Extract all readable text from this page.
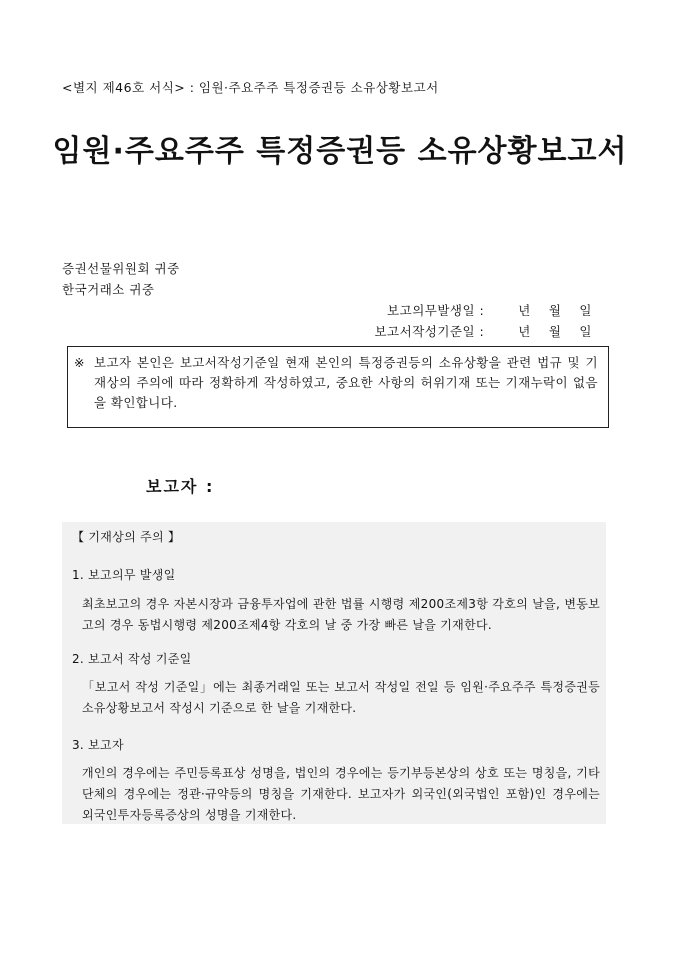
<별지 제46호 서식> : 임원·주요주주 특정증권등 소유상황보고서
임원·주요주주 특정증권등 소유상황보고서
증권선물위원회 귀중
한국거래소 귀중
보고의무발생일 :	년 월 일
보고서작성기준일 :	년 월 일
※ 보고자 본인은 보고서작성기준일 현재 본인의 특정증권등의 소유상황을 관련 법규 및 기재상의 주의에 따라 정확하게 작성하였고, 중요한 사항의 허위기재 또는 기재누락이 없음을 확인합니다.
보고자 :
【 기재상의 주의 】
1. 보고의무 발생일
최초보고의 경우 자본시장과 금융투자업에 관한 법률 시행령 제200조제3항 각호의 날을, 변동보고의 경우 동법시행령 제200조제4항 각호의 날 중 가장 빠른 날을 기재한다.
2. 보고서 작성 기준일
「보고서 작성 기준일」에는 최종거래일 또는 보고서 작성일 전일 등 임원·주요주주 특정증권등 소유상황보고서 작성시 기준으로 한 날을 기재한다.
3. 보고자
개인의 경우에는 주민등록표상 성명을, 법인의 경우에는 등기부등본상의 상호 또는 명칭을, 기타 단체의 경우에는 정관·규약등의 명칭을 기재한다. 보고자가 외국인(외국법인 포함)인 경우에는 외국인투자등록증상의 성명을 기재한다.
